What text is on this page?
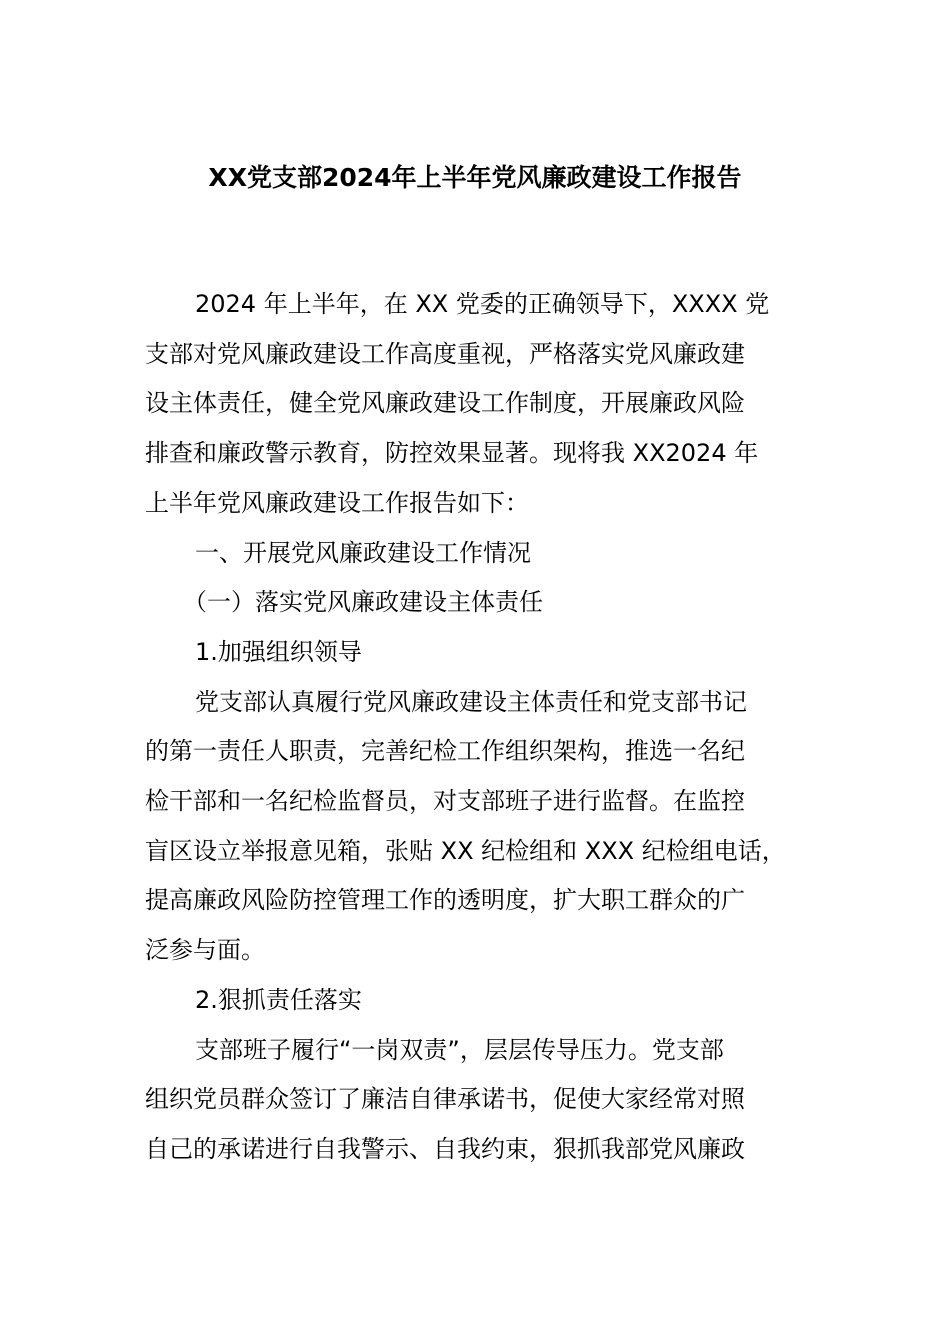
XX党支部2024年上半年党风廉政建设工作报告

2024 年上半年，在 XX 党委的正确领导下，XXXX 党

支部对党风廉政建设工作高度重视，严格落实党风廉政建

设主体责任，健全党风廉政建设工作制度，开展廉政风险

排查和廉政警示教育，防控效果显著。现将我 XX2024 年

上半年党风廉政建设工作报告如下：

一、开展党风廉政建设工作情况

（一）落实党风廉政建设主体责任

1.加强组织领导

党支部认真履行党风廉政建设主体责任和党支部书记

的第一责任人职责，完善纪检工作组织架构，推选一名纪

检干部和一名纪检监督员，对支部班子进行监督。在监控

盲区设立举报意见箱，张贴 XX 纪检组和 XXX 纪检组电话，

提高廉政风险防控管理工作的透明度，扩大职工群众的广

泛参与面。

2.狠抓责任落实

支部班子履行“一岗双责”，层层传导压力。党支部

组织党员群众签订了廉洁自律承诺书，促使大家经常对照

自己的承诺进行自我警示、自我约束，狠抓我部党风廉政
